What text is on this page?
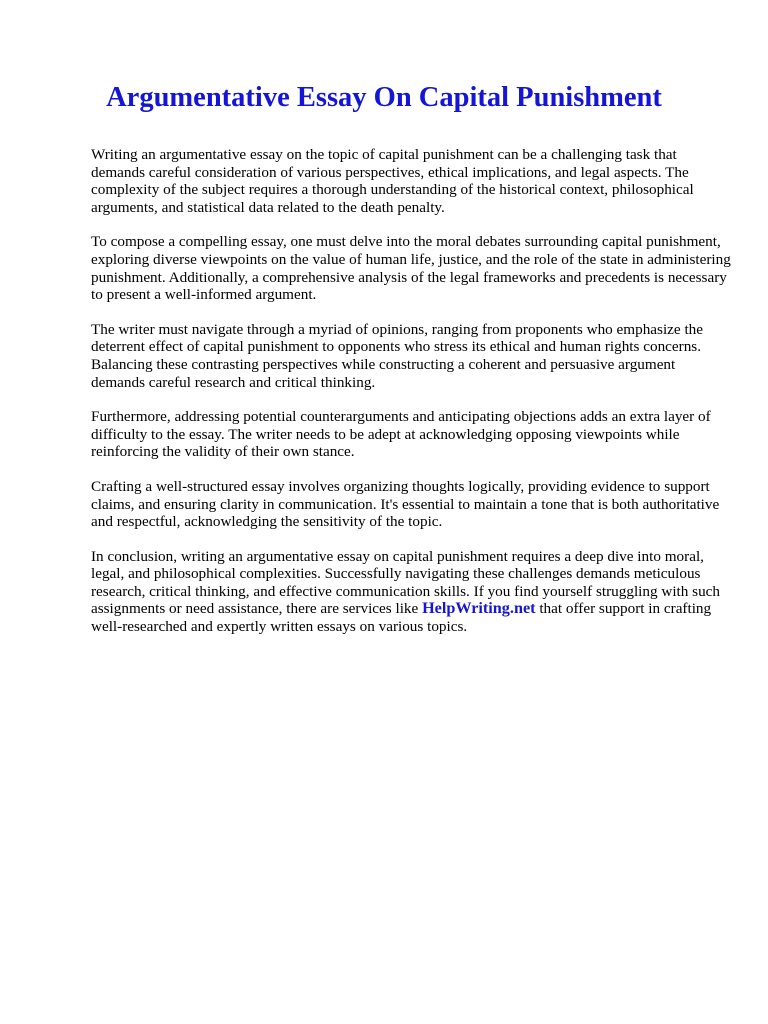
Argumentative Essay On Capital Punishment

Writing an argumentative essay on the topic of capital punishment can be a challenging task that demands careful consideration of various perspectives, ethical implications, and legal aspects. The complexity of the subject requires a thorough understanding of the historical context, philosophical arguments, and statistical data related to the death penalty.

To compose a compelling essay, one must delve into the moral debates surrounding capital punishment, exploring diverse viewpoints on the value of human life, justice, and the role of the state in administering punishment. Additionally, a comprehensive analysis of the legal frameworks and precedents is necessary to present a well-informed argument.

The writer must navigate through a myriad of opinions, ranging from proponents who emphasize the deterrent effect of capital punishment to opponents who stress its ethical and human rights concerns. Balancing these contrasting perspectives while constructing a coherent and persuasive argument demands careful research and critical thinking.

Furthermore, addressing potential counterarguments and anticipating objections adds an extra layer of difficulty to the essay. The writer needs to be adept at acknowledging opposing viewpoints while reinforcing the validity of their own stance.

Crafting a well-structured essay involves organizing thoughts logically, providing evidence to support claims, and ensuring clarity in communication. It's essential to maintain a tone that is both authoritative and respectful, acknowledging the sensitivity of the topic.

In conclusion, writing an argumentative essay on capital punishment requires a deep dive into moral, legal, and philosophical complexities. Successfully navigating these challenges demands meticulous research, critical thinking, and effective communication skills. If you find yourself struggling with such assignments or need assistance, there are services like HelpWriting.net that offer support in crafting well-researched and expertly written essays on various topics.
